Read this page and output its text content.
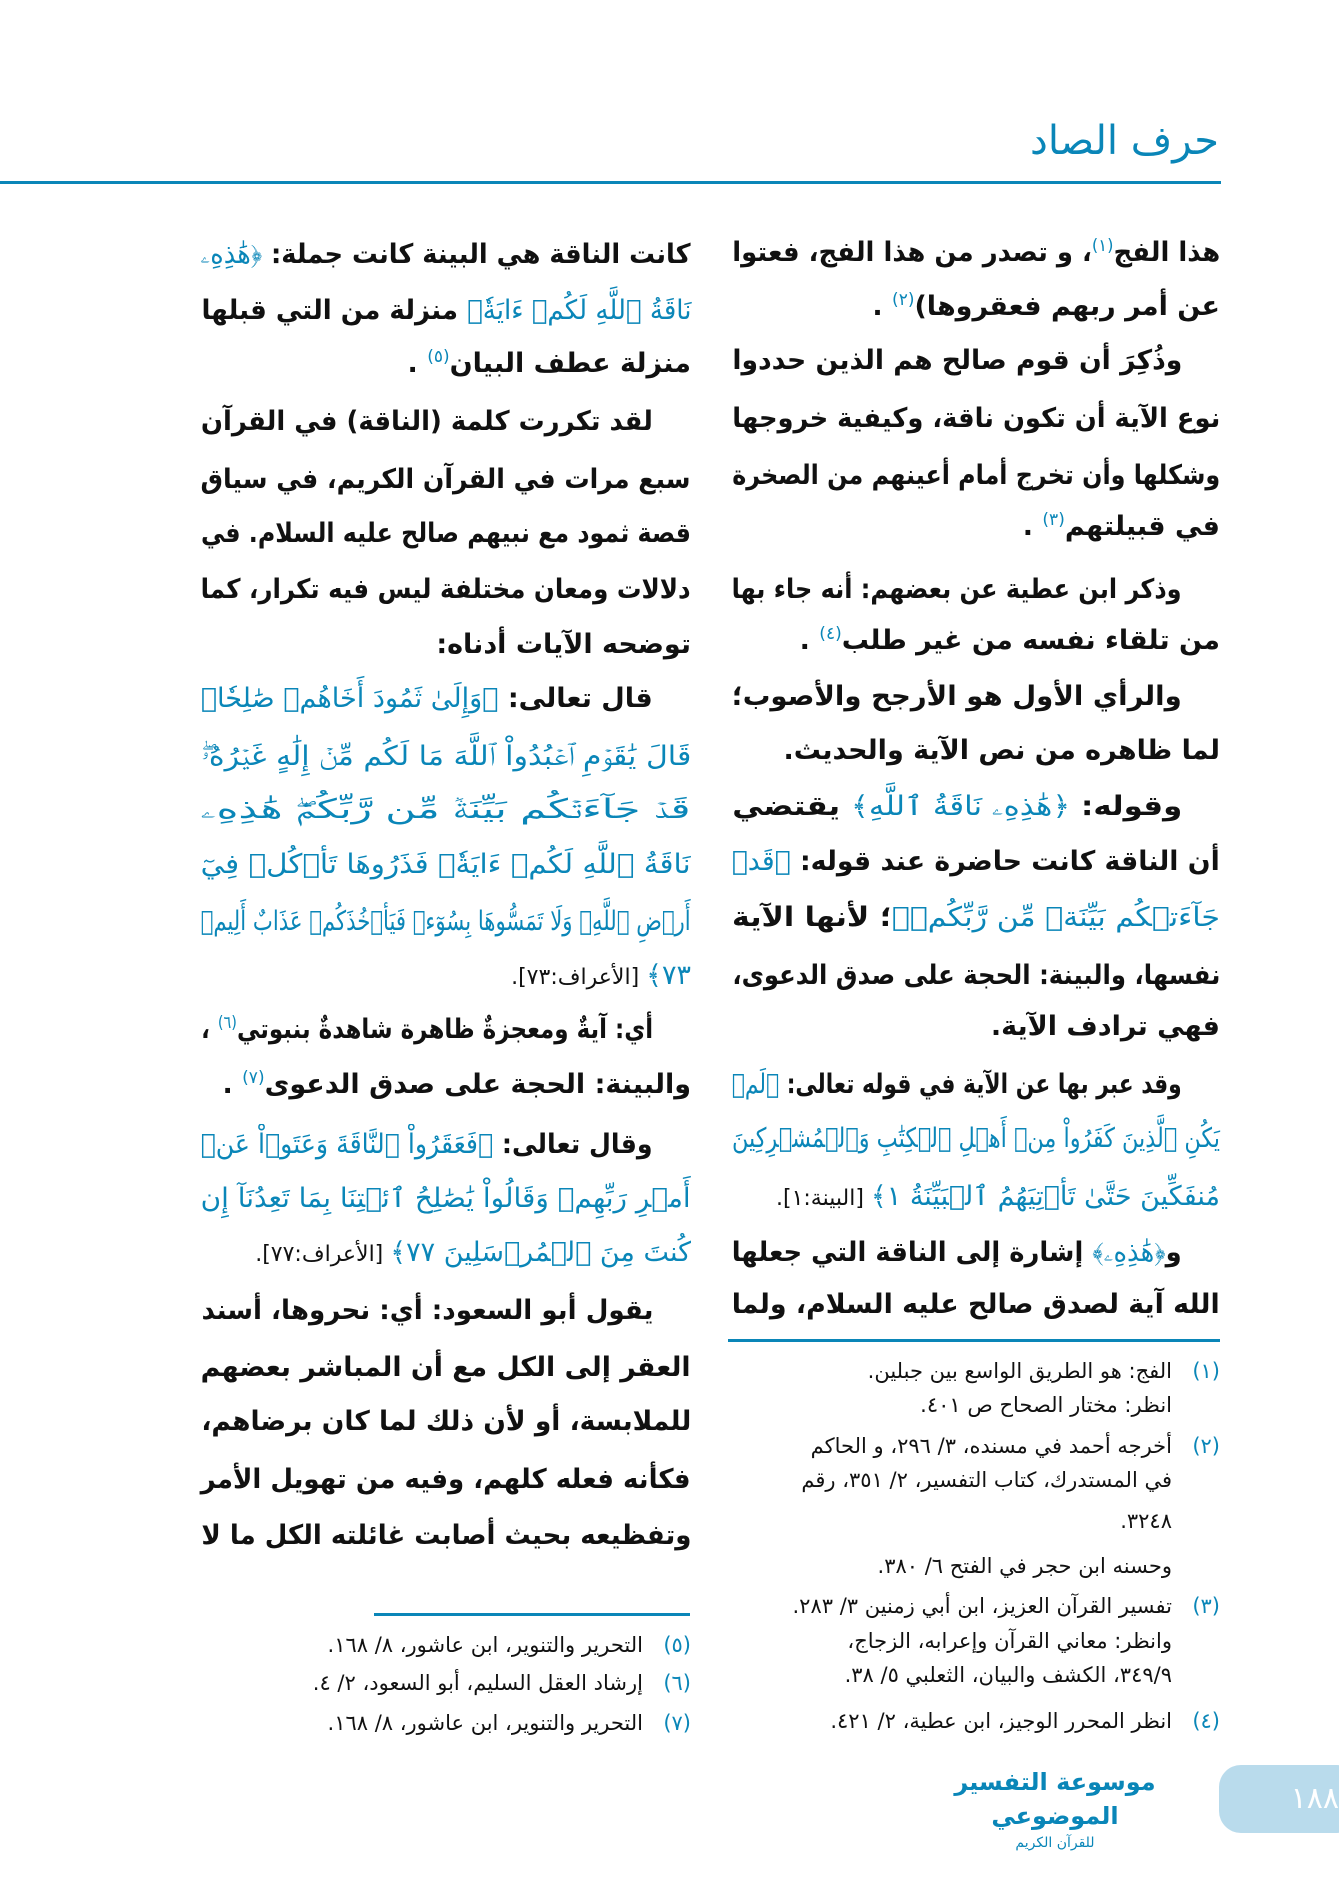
حرف الصاد
هذا الفج$^{(١)}$، و تصدر من هذا الفج، فعتوا
عن أمر ربهم فعقروها)$^{(٢)}$ .
وذُكِرَ أن قوم صالح هم الذين حددوا
نوع الآية أن تكون ناقة، وكيفية خروجها
وشكلها وأن تخرج أمام أعينهم من الصخرة
في قبيلتهم$^{(٣)}$ .
وذكر ابن عطية عن بعضهم: أنه جاء بها
من تلقاء نفسه من غير طلب$^{(٤)}$ .
والرأي الأول هو الأرجح والأصوب؛
لما ظاهره من نص الآية والحديث.
وقوله: ﴿هَٰذِهِۦ نَاقَةُ ٱللَّهِ﴾ يقتضي
أن الناقة كانت حاضرة عند قوله: ﴿قَدۡ
جَآءَتۡكُم بَيِّنَةٞ مِّن رَّبِّكُمۡ﴾؛ لأنها الآية
نفسها، والبينة: الحجة على صدق الدعوى،
فهي ترادف الآية.
وقد عبر بها عن الآية في قوله تعالى: ﴿لَمۡ
يَكُنِ ٱلَّذِينَ كَفَرُواْ مِنۡ أَهۡلِ ٱلۡكِتَٰبِ وَٱلۡمُشۡرِكِينَ
مُنفَكِّينَ حَتَّىٰ تَأۡتِيَهُمُ ٱلۡبَيِّنَةُ ١﴾ [البينة:١].
و﴿هَٰذِهِۦ﴾ إشارة إلى الناقة التي جعلها
الله آية لصدق صالح عليه السلام، ولما
كانت الناقة هي البينة كانت جملة: ﴿هَٰذِهِۦ
نَاقَةُ ٱللَّهِ لَكُمۡ ءَايَةٗ﴾ منزلة من التي قبلها
منزلة عطف البيان$^{(٥)}$ .
لقد تكررت كلمة (الناقة) في القرآن
سبع مرات في القرآن الكريم، في سياق
قصة ثمود مع نبيهم صالح عليه السلام. في
دلالات ومعان مختلفة ليس فيه تكرار، كما
توضحه الآيات أدناه:
قال تعالى: ﴿وَإِلَىٰ ثَمُودَ أَخَاهُمۡ صَٰلِحٗاۚ
قَالَ يَٰقَوۡمِ ٱعۡبُدُواْ ٱللَّهَ مَا لَكُم مِّنۡ إِلَٰهٍ غَيۡرُهُۥۖ
قَدۡ جَآءَتۡكُم بَيِّنَةٞ مِّن رَّبِّكُمۡۖ هَٰذِهِۦ
نَاقَةُ ٱللَّهِ لَكُمۡ ءَايَةٗۖ فَذَرُوهَا تَأۡكُلۡ فِيٓ
أَرۡضِ ٱللَّهِۖ وَلَا تَمَسُّوهَا بِسُوٓءٖ فَيَأۡخُذَكُمۡ عَذَابٌ أَلِيمٞ
٧٣﴾ [الأعراف:٧٣].
أي: آيةٌ ومعجزةٌ ظاهرة شاهدةٌ بنبوتي$^{(٦)}$ ،
والبينة: الحجة على صدق الدعوى$^{(٧)}$ .
وقال تعالى: ﴿فَعَقَرُواْ ٱلنَّاقَةَ وَعَتَوۡاْ عَنۡ
أَمۡرِ رَبِّهِمۡ وَقَالُواْ يَٰصَٰلِحُ ٱئۡتِنَا بِمَا تَعِدُنَآ إِن
كُنتَ مِنَ ٱلۡمُرۡسَلِينَ ٧٧﴾ [الأعراف:٧٧].
يقول أبو السعود: أي: نحروها، أسند
العقر إلى الكل مع أن المباشر بعضهم
للملابسة، أو لأن ذلك لما كان برضاهم،
فكأنه فعله كلهم، وفيه من تهويل الأمر
وتفظيعه بحيث أصابت غائلته الكل ما لا
(١)
الفج: هو الطريق الواسع بين جبلين.
انظر: مختار الصحاح ص ٤٠١.
(٢)
أخرجه أحمد في مسنده، ٣/ ٢٩٦، و الحاكم
في المستدرك، كتاب التفسير، ٢/ ٣٥١، رقم
٣٢٤٨.
وحسنه ابن حجر في الفتح ٦/ ٣٨٠.
(٣)
تفسير القرآن العزيز، ابن أبي زمنين ٣/ ٢٨٣.
وانظر: معاني القرآن وإعرابه، الزجاج،
٣٤٩/٩، الكشف والبيان، الثعلبي ٥/ ٣٨.
(٤)
انظر المحرر الوجيز، ابن عطية، ٢/ ٤٢١.
(٥)
التحرير والتنوير، ابن عاشور، ٨/ ١٦٨.
(٦)
إرشاد العقل السليم، أبو السعود، ٢/ ٤.
(٧)
التحرير والتنوير، ابن عاشور، ٨/ ١٦٨.
موسوعة التفسير الموضوعي
للقرآن الكريم
١٨٨
